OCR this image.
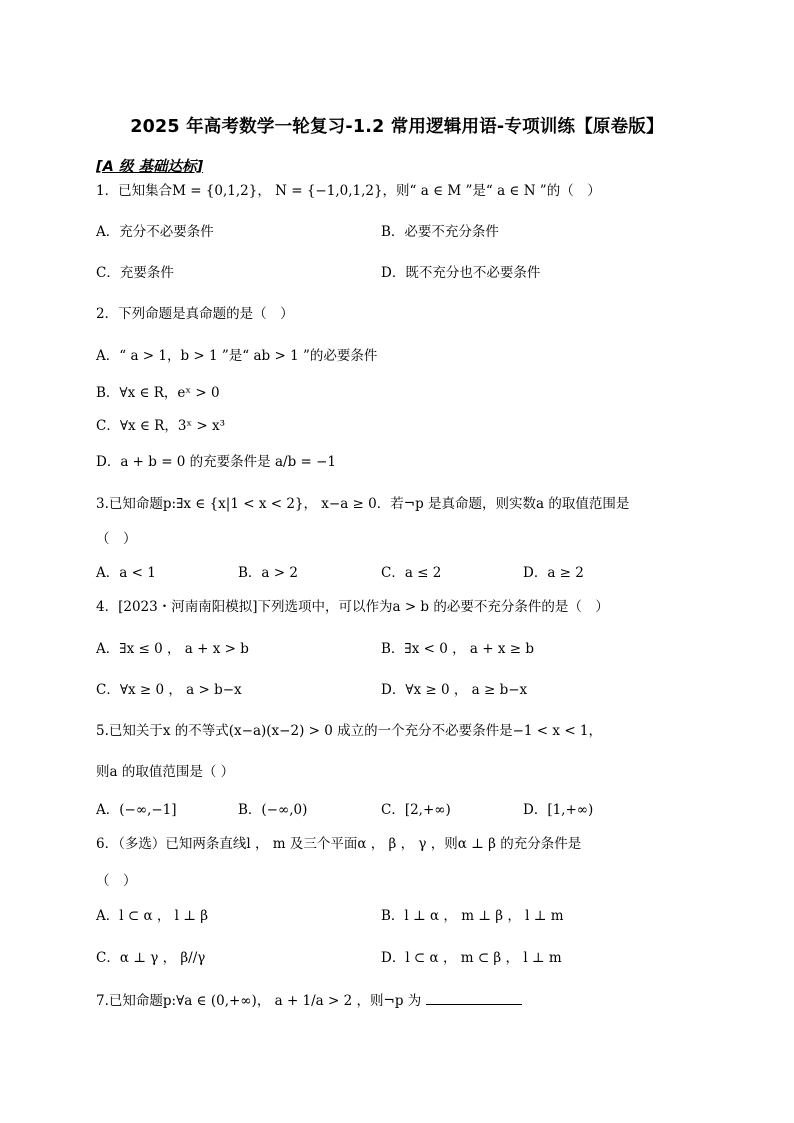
2025 年高考数学一轮复习-1.2 常用逻辑用语-专项训练【原卷版】
[A 级 基础达标]
1．已知集合M = {0,1,2}， N = {−1,0,1,2}，则“ a ∈ M ”是“ a ∈ N ”的（　）
A．充分不必要条件	B．必要不充分条件
C．充要条件	D．既不充分也不必要条件
2．下列命题是真命题的是（　）
A．“ a > 1，b > 1 ”是“ ab > 1 ”的必要条件
B．∀x ∈ R，eˣ > 0
C．∀x ∈ R，3ˣ > x³
D．a + b = 0 的充要条件是 a/b = −1
3.已知命题p:∃x ∈ {x|1 < x < 2}， x−a ≥ 0．若¬p 是真命题，则实数a 的取值范围是
（　）
A．a < 1	B．a > 2	C．a ≤ 2	D．a ≥ 2
4．[2023・河南南阳模拟]下列选项中，可以作为a > b 的必要不充分条件的是（　）
A．∃x ≤ 0 ， a + x > b	B．∃x < 0 ， a + x ≥ b
C．∀x ≥ 0 ， a > b−x	D．∀x ≥ 0 ， a ≥ b−x
5.已知关于x 的不等式(x−a)(x−2) > 0 成立的一个充分不必要条件是−1 < x < 1，
则a 的取值范围是（ ）
A．(−∞,−1]	B．(−∞,0)	C．[2,+∞)	D．[1,+∞)
6．（多选）已知两条直线l ， m 及三个平面α ， β ， γ ，则α ⊥ β 的充分条件是
（　）
A．l ⊂ α ， l ⊥ β	B．l ⊥ α ， m ⊥ β ， l ⊥ m
C．α ⊥ γ ， β//γ	D．l ⊂ α ， m ⊂ β ， l ⊥ m
7.已知命题p:∀a ∈ (0,+∞)， a + 1/a > 2 ，则¬p 为
